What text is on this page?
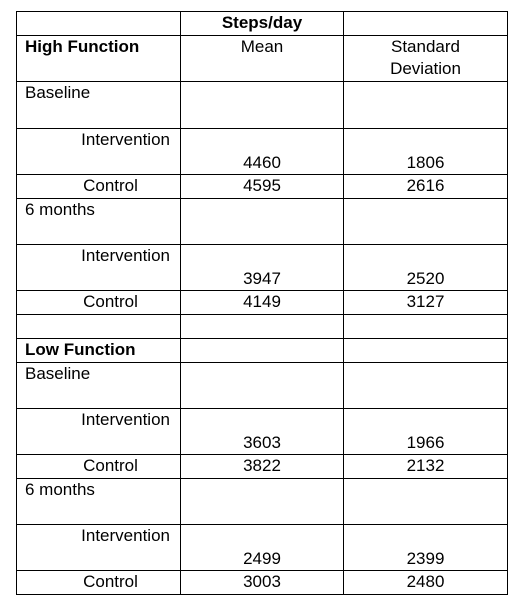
	Steps/day	
High Function	Mean	Standard Deviation
Baseline		
Intervention	4460	1806
Control	4595	2616
6 months		
Intervention	3947	2520
Control	4149	3127

Low Function		
Baseline		
Intervention	3603	1966
Control	3822	2132
6 months		
Intervention	2499	2399
Control	3003	2480
